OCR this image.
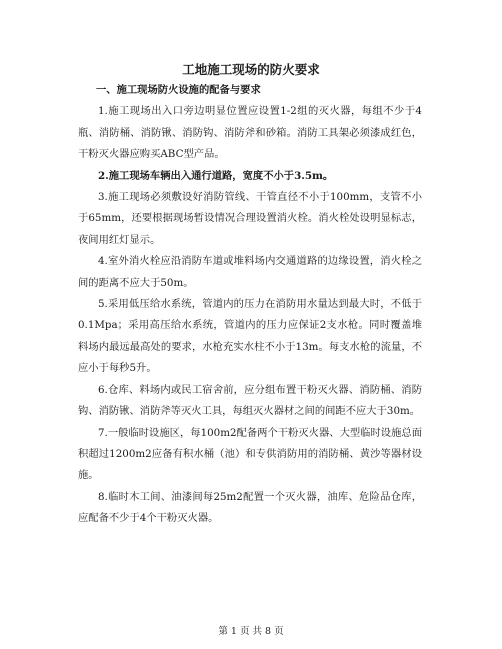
工地施工现场的防火要求

一、施工现场防火设施的配备与要求

1.施工现场出入口旁边明显位置应设置1-2组的灭火器，每组不少于4瓶、消防桶、消防锹、消防钩、消防斧和砂箱。消防工具架必须漆成红色，干粉灭火器应购买ABC型产品。

2.施工现场车辆出入通行道路，宽度不小于3.5m。

3.施工现场必须敷设好消防管线、干管直径不小于100mm，支管不小于65mm，还要根据现场暂设情况合理设置消火栓。消火栓处设明显标志，夜间用红灯显示。

4.室外消火栓应沿消防车道或堆料场内交通道路的边缘设置，消火栓之间的距离不应大于50m。

5.采用低压给水系统，管道内的压力在消防用水量达到最大时，不低于0.1Mpa；采用高压给水系统，管道内的压力应保证2支水枪。同时覆盖堆料场内最远最高处的要求，水枪充实水柱不小于13m。每支水枪的流量，不应小于每秒5升。

6.仓库、料场内或民工宿舍前，应分组布置干粉灭火器、消防桶、消防钩、消防锹、消防斧等灭火工具，每组灭火器材之间的间距不应大于30m。

7.一般临时设施区，每100m2配备两个干粉灭火器、大型临时设施总面积超过1200m2应备有积水桶（池）和专供消防用的消防桶、黄沙等器材设施。

8.临时木工间、油漆间每25m2配置一个灭火器，油库、危险品仓库，应配备不少于4个干粉灭火器。

第 1 页 共 8 页
